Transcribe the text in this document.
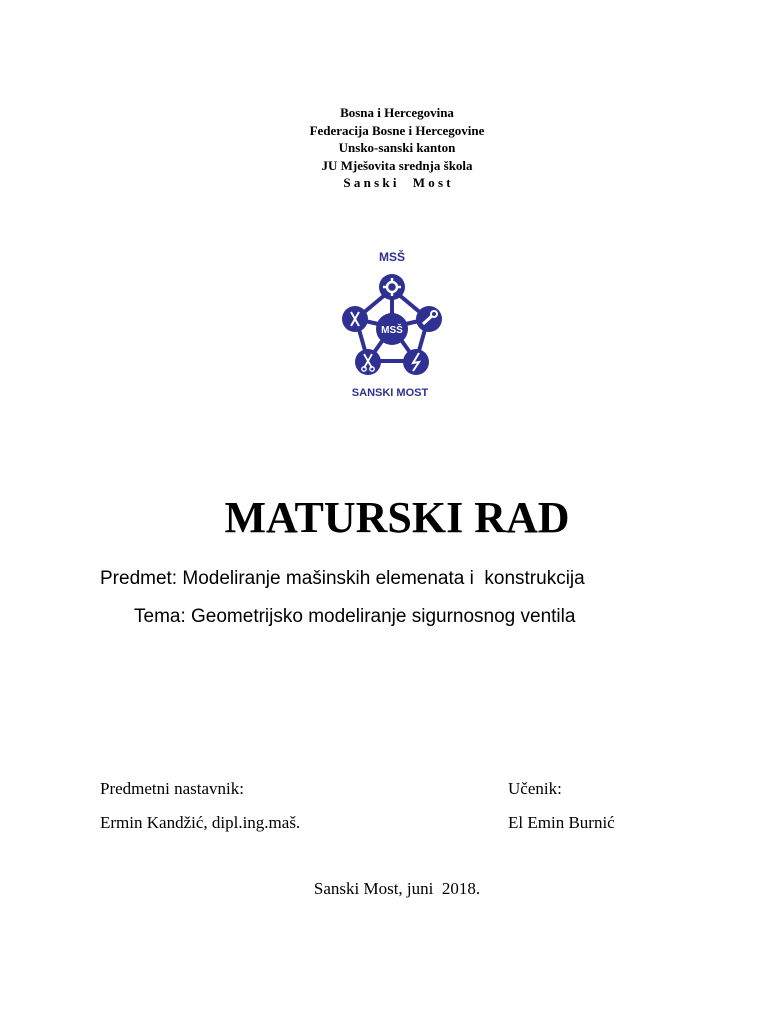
Bosna i Hercegovina
Federacija Bosne i Hercegovine
Unsko-sanski kanton
JU Mješovita srednja škola
S a n s k i     M o s t
MSŠ
MSŠ
SANSKI MOST
MATURSKI RAD
Predmet: Modeliranje mašinskih elemenata i  konstrukcija
Tema: Geometrijsko modeliranje sigurnosnog ventila
Predmetni nastavnik:
Ermin Kandžić, dipl.ing.maš.
Učenik:
El Emin Burnić
Sanski Most, juni  2018.
